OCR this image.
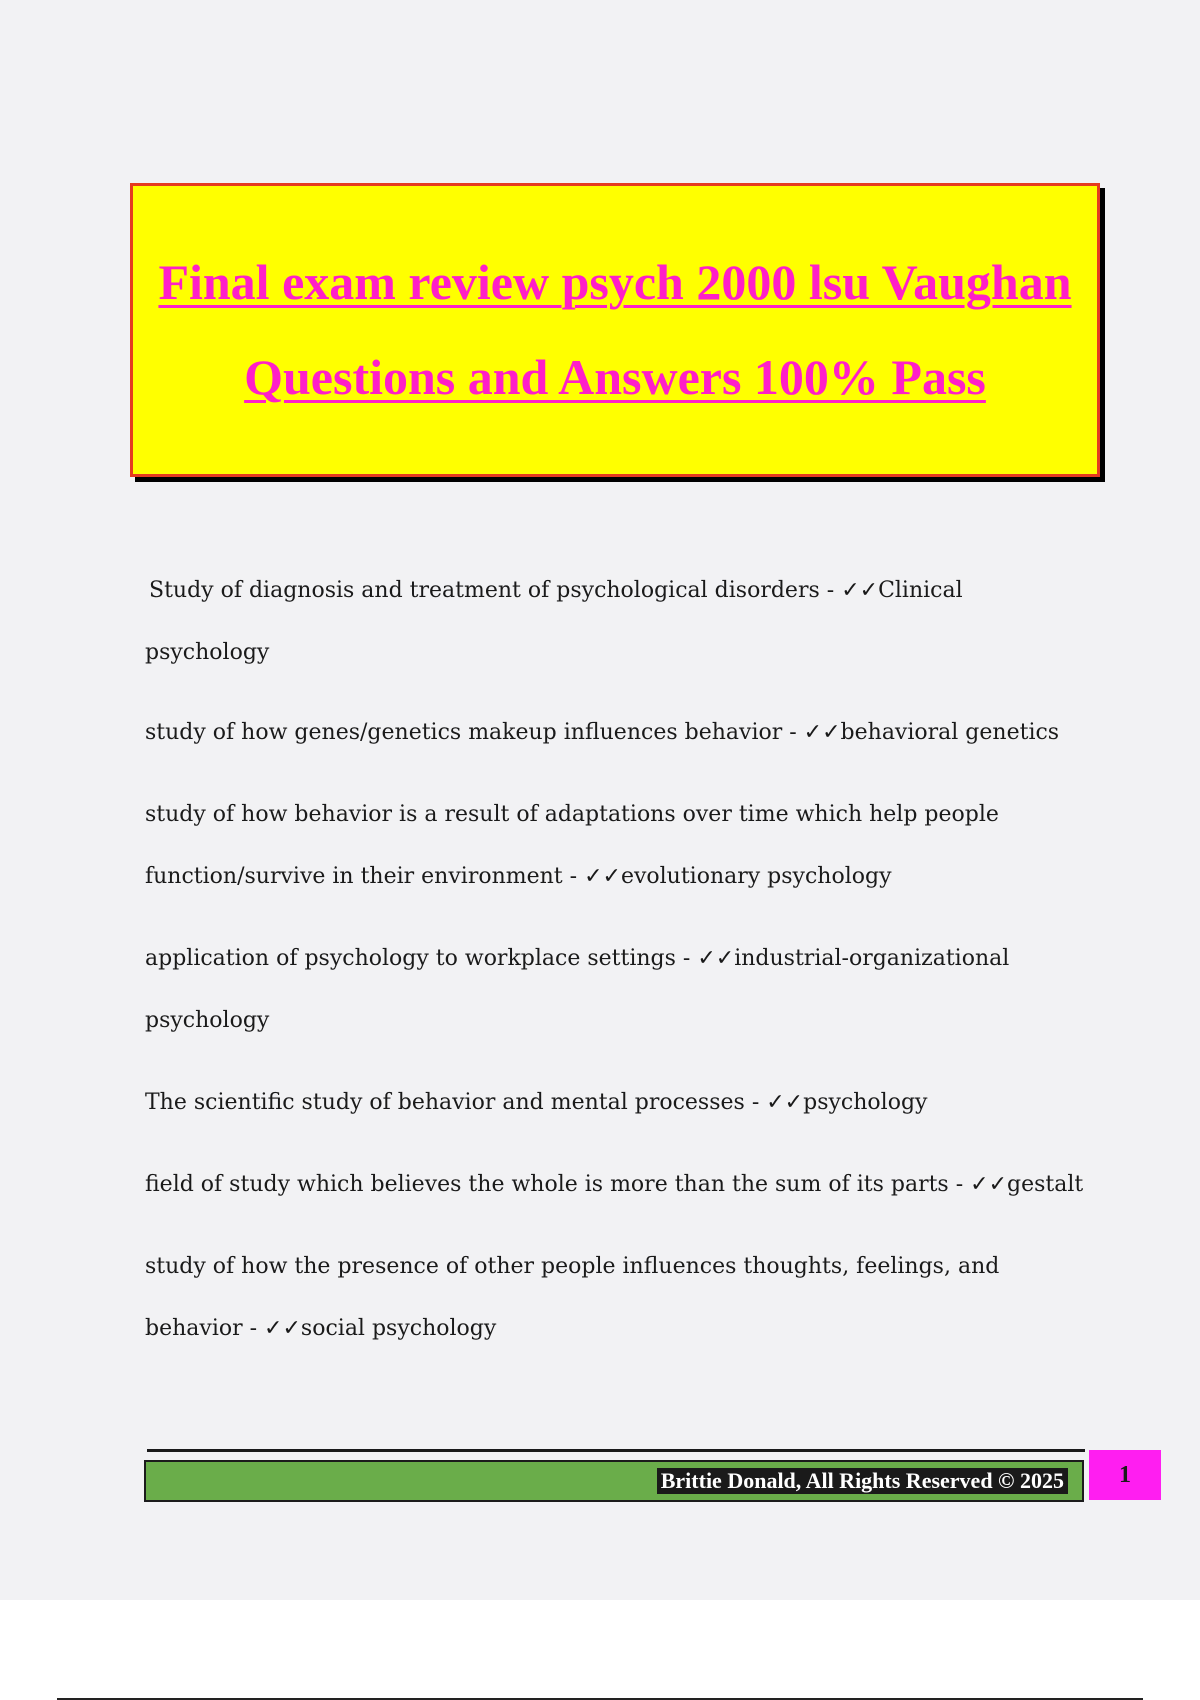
Final exam review psych 2000 lsu Vaughan Questions and Answers 100% Pass
Study of diagnosis and treatment of psychological disorders - ✓✓Clinical psychology
study of how genes/genetics makeup influences behavior - ✓✓behavioral genetics
study of how behavior is a result of adaptations over time which help people function/survive in their environment - ✓✓evolutionary psychology
application of psychology to workplace settings - ✓✓industrial-organizational psychology
The scientific study of behavior and mental processes - ✓✓psychology
field of study which believes the whole is more than the sum of its parts - ✓✓gestalt
study of how the presence of other people influences thoughts, feelings, and behavior - ✓✓social psychology
Brittie Donald, All Rights Reserved © 2025	1
